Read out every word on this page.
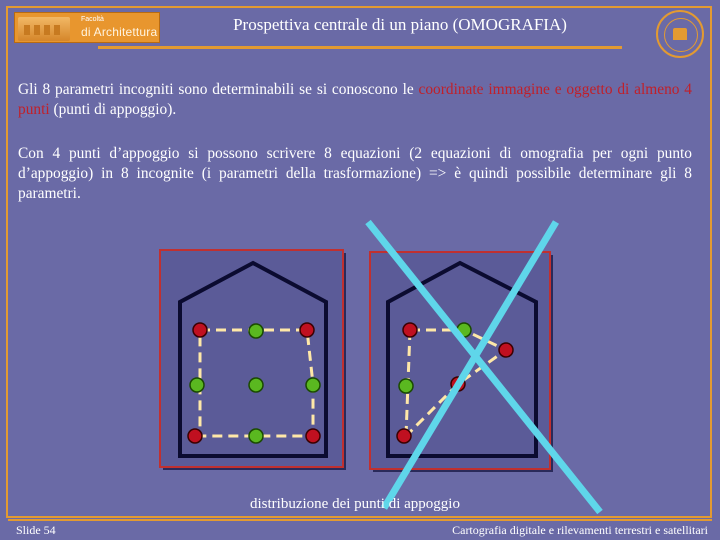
Facoltà
di Architettura	Prospettiva centrale di un piano (OMOGRAFIA)
Gli 8 parametri incogniti sono determinabili se si conoscono le coordinate immagine e oggetto di almeno 4 punti (punti di appoggio).
Con 4 punti d’appoggio si possono scrivere 8 equazioni (2 equazioni di omografia per ogni punto d’appoggio) in 8 incognite (i parametri della trasformazione) => è quindi possibile determinare gli 8 parametri.
distribuzione dei punti di appoggio
Slide 54	Cartografia digitale e rilevamenti terrestri e satellitari
